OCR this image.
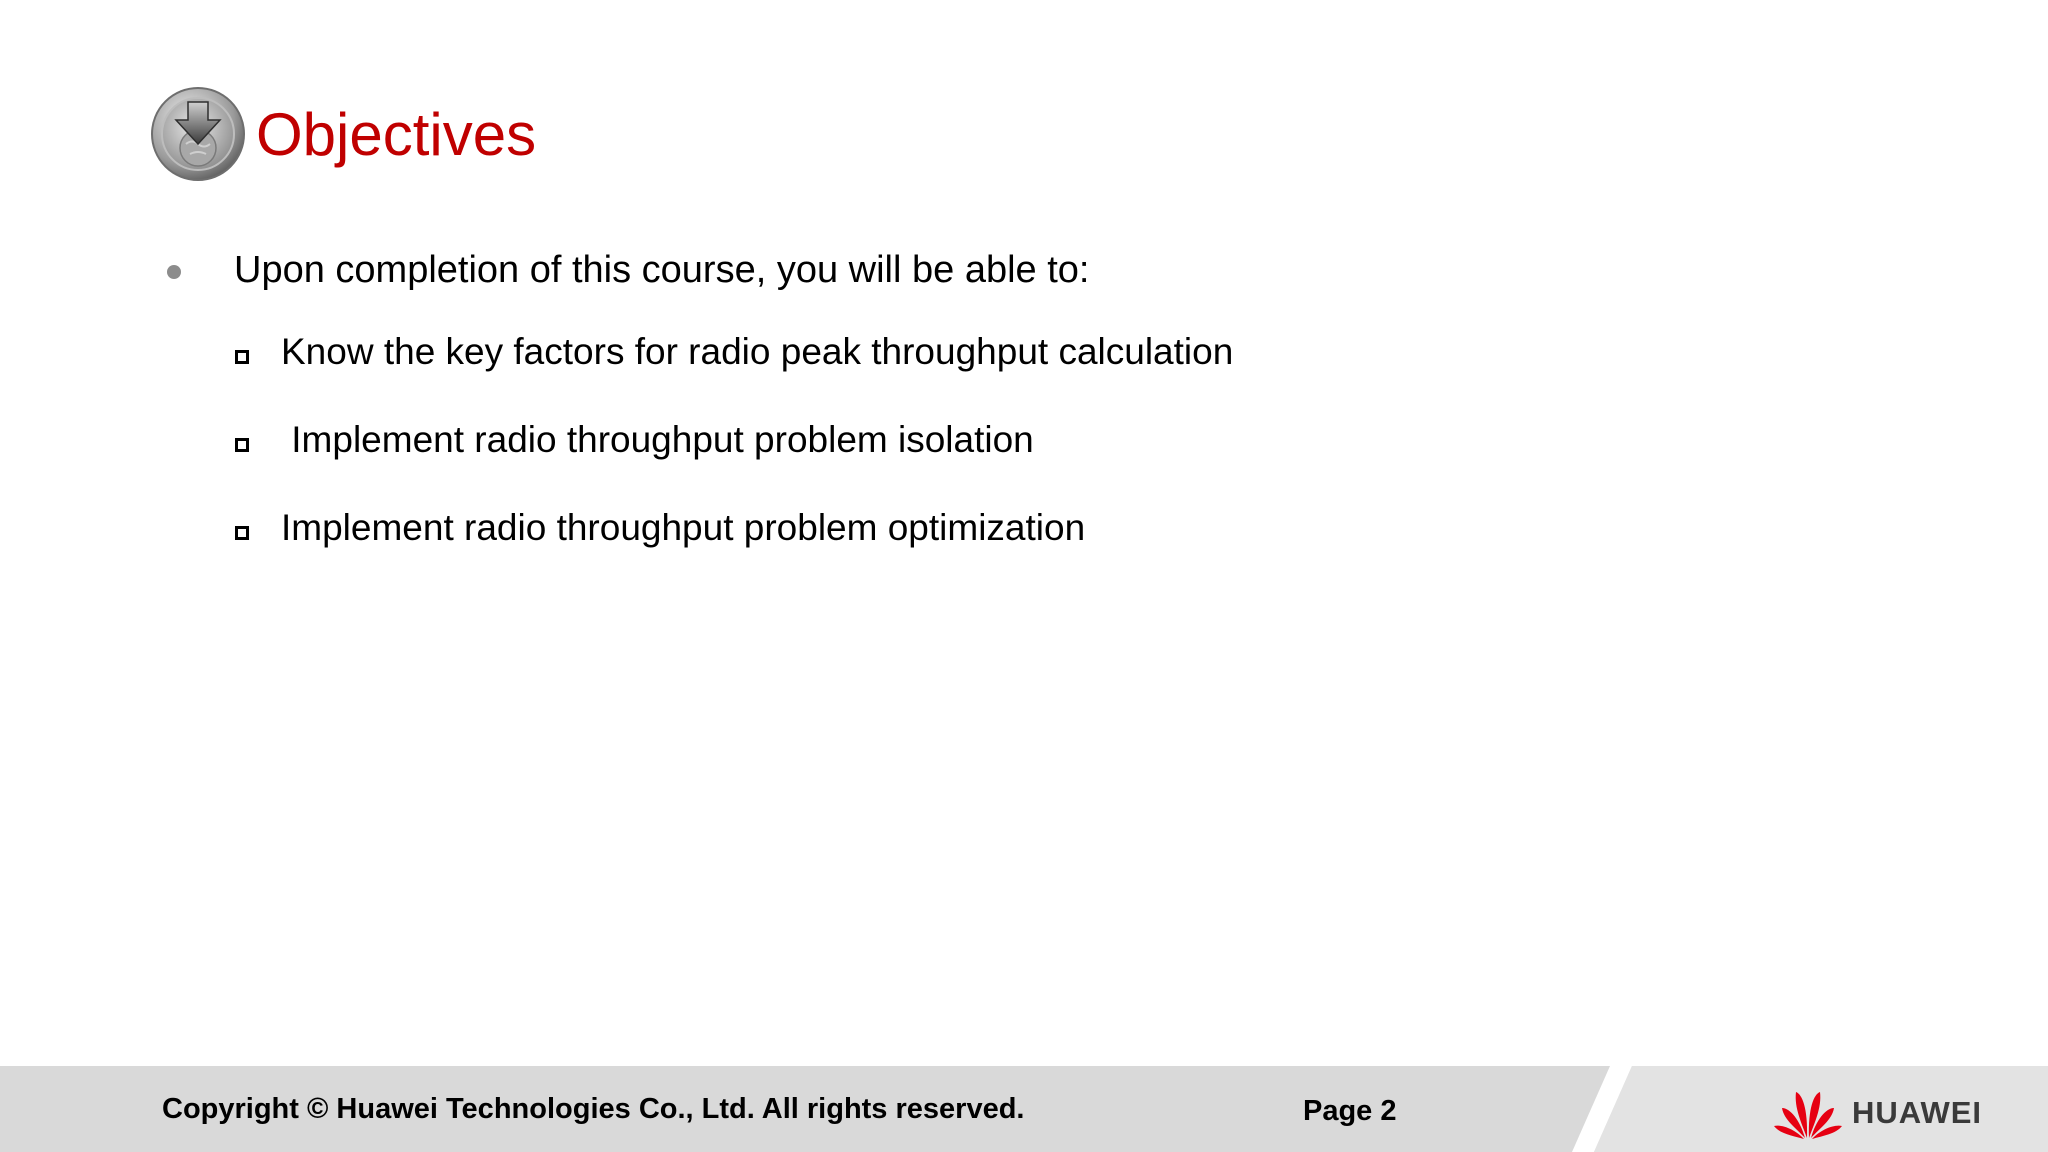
Objectives
Upon completion of this course, you will be able to:
Know the key factors for radio peak throughput calculation
Implement radio throughput problem isolation
Implement radio throughput problem optimization
Copyright © Huawei Technologies Co., Ltd. All rights reserved.	Page 2	HUAWEI
